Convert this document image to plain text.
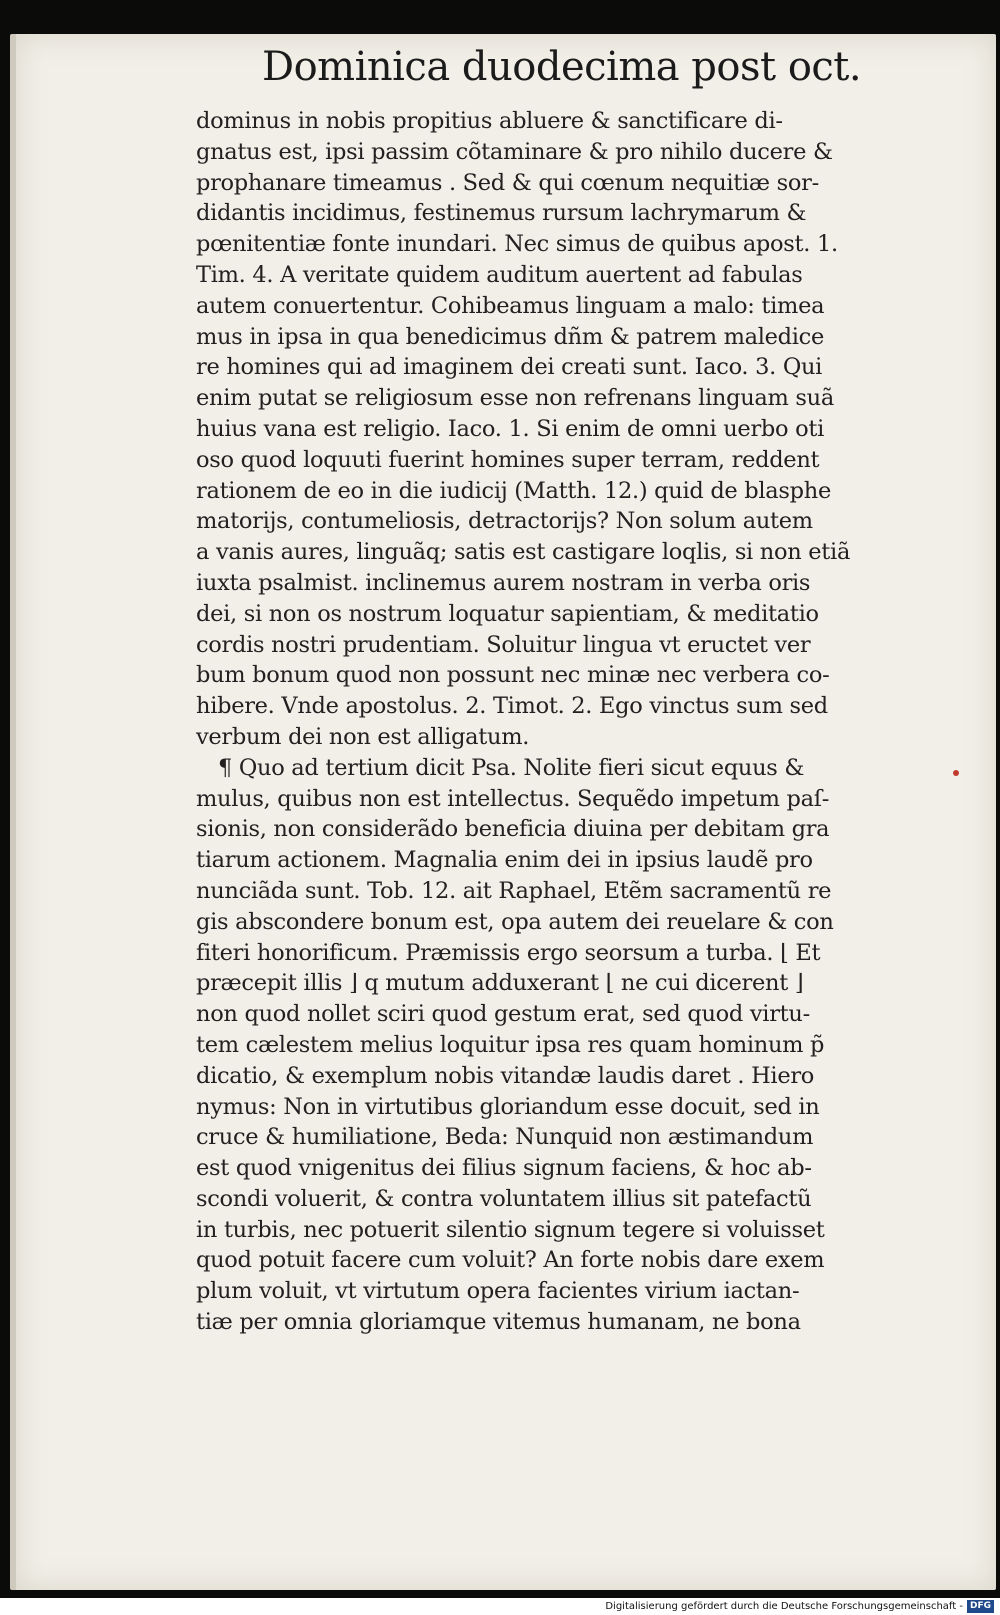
Dominica duodecima post oct.
dominus in nobis propitius abluere & sanctificare di-
gnatus est, ipsi passim cõtaminare & pro nihilo ducere &
prophanare timeamus . Sed & qui cœnum nequitiæ sor-
didantis incidimus, festinemus rursum lachrymarum &
pœnitentiæ fonte inundari. Nec simus de quibus apost. 1.
Tim. 4. A veritate quidem auditum auertent ad fabulas
autem conuertentur. Cohibeamus linguam a malo: timea
mus in ipsa in qua benedicimus dñm & patrem maledice
re homines qui ad imaginem dei creati sunt. Iaco. 3. Qui
enim putat se religiosum esse non refrenans linguam suã
huius vana est religio. Iaco. 1. Si enim de omni uerbo oti
oso quod loquuti fuerint homines super terram, reddent
rationem de eo in die iudicij (Matth. 12.) quid de blasphe
matorijs, contumeliosis, detractorijs? Non solum autem
a vanis aures, linguãq; satis est castigare loqlis, si non etiã
iuxta psalmist. inclinemus aurem nostram in verba oris
dei, si non os nostrum loquatur sapientiam, & meditatio
cordis nostri prudentiam. Soluitur lingua vt eructet ver
bum bonum quod non possunt nec minæ nec verbera co-
hibere. Vnde apostolus. 2. Timot. 2. Ego vinctus sum sed
verbum dei non est alligatum.
¶ Quo ad tertium dicit Psa. Nolite fieri sicut equus &
mulus, quibus non est intellectus. Sequẽdo impetum paſ-
sionis, non considerãdo beneficia diuina per debitam gra
tiarum actionem. Magnalia enim dei in ipsius laudẽ pro
nunciãda sunt. Tob. 12. ait Raphael, Etẽm sacramentũ re
gis abscondere bonum est, opa autem dei reuelare & con
fiteri honorificum. Præmissis ergo seorsum a turba. ⌊ Et
præcepit illis ⌋ q mutum adduxerant ⌊ ne cui dicerent ⌋
non quod nollet sciri quod gestum erat, sed quod virtu-
tem cælestem melius loquitur ipsa res quam hominum p̃
dicatio, & exemplum nobis vitandæ laudis daret . Hiero
nymus: Non in virtutibus gloriandum esse docuit, sed in
cruce & humiliatione, Beda: Nunquid non æstimandum
est quod vnigenitus dei filius signum faciens, & hoc ab-
scondi voluerit, & contra voluntatem illius sit patefactũ
in turbis, nec potuerit silentio signum tegere si voluisset
quod potuit facere cum voluit? An forte nobis dare exem
plum voluit, vt virtutum opera facientes virium iactan-
tiæ per omnia gloriamque vitemus humanam, ne bona
Digitalisierung gefördert durch die Deutsche Forschungsgemeinschaft - DFG
